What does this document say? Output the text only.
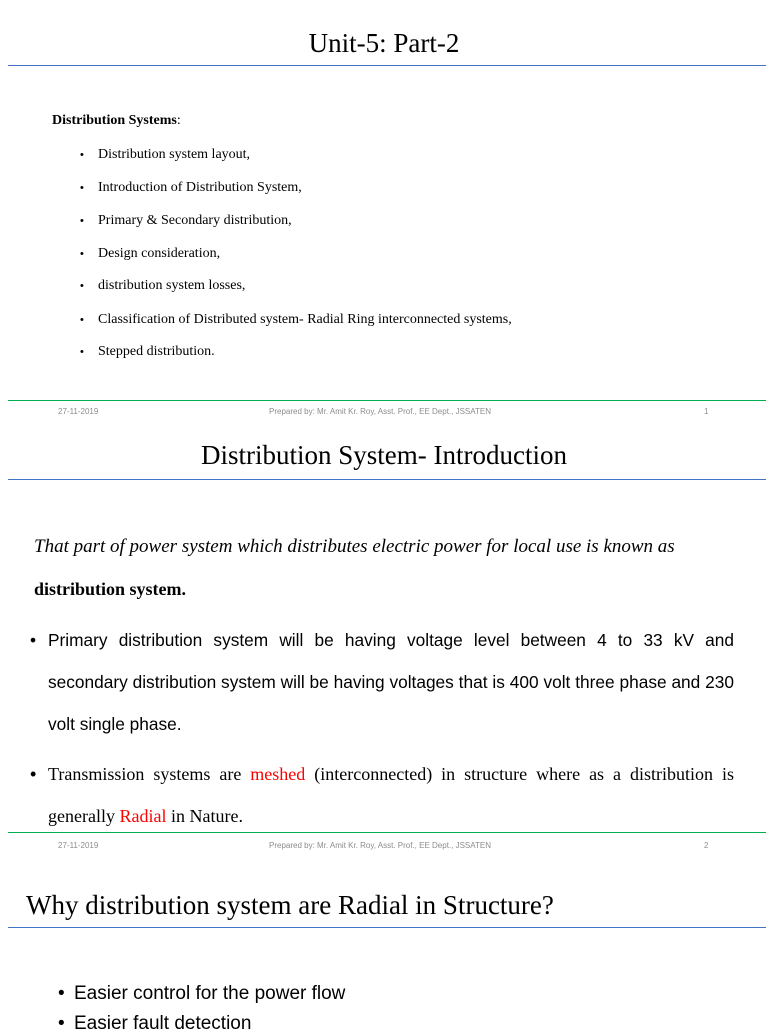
Unit-5: Part-2
Distribution Systems:
• Distribution system layout,
• Introduction of Distribution System,
• Primary & Secondary distribution,
• Design consideration,
• distribution system losses,
• Classification of Distributed system- Radial Ring interconnected systems,
• Stepped distribution.
27-11-2019	Prepared by: Mr. Amit Kr. Roy, Asst. Prof., EE Dept., JSSATEN	1
Distribution System- Introduction
That part of power system which distributes electric power for local use is known as
distribution system.
• Primary distribution system will be having voltage level between 4 to 33 kV and secondary distribution system will be having voltages that is 400 volt three phase and 230 volt single phase.
• Transmission systems are meshed (interconnected) in structure where as a distribution is generally Radial in Nature.
27-11-2019	Prepared by: Mr. Amit Kr. Roy, Asst. Prof., EE Dept., JSSATEN	2
Why distribution system are Radial in Structure?
• Easier control for the power flow
• Easier fault detection
